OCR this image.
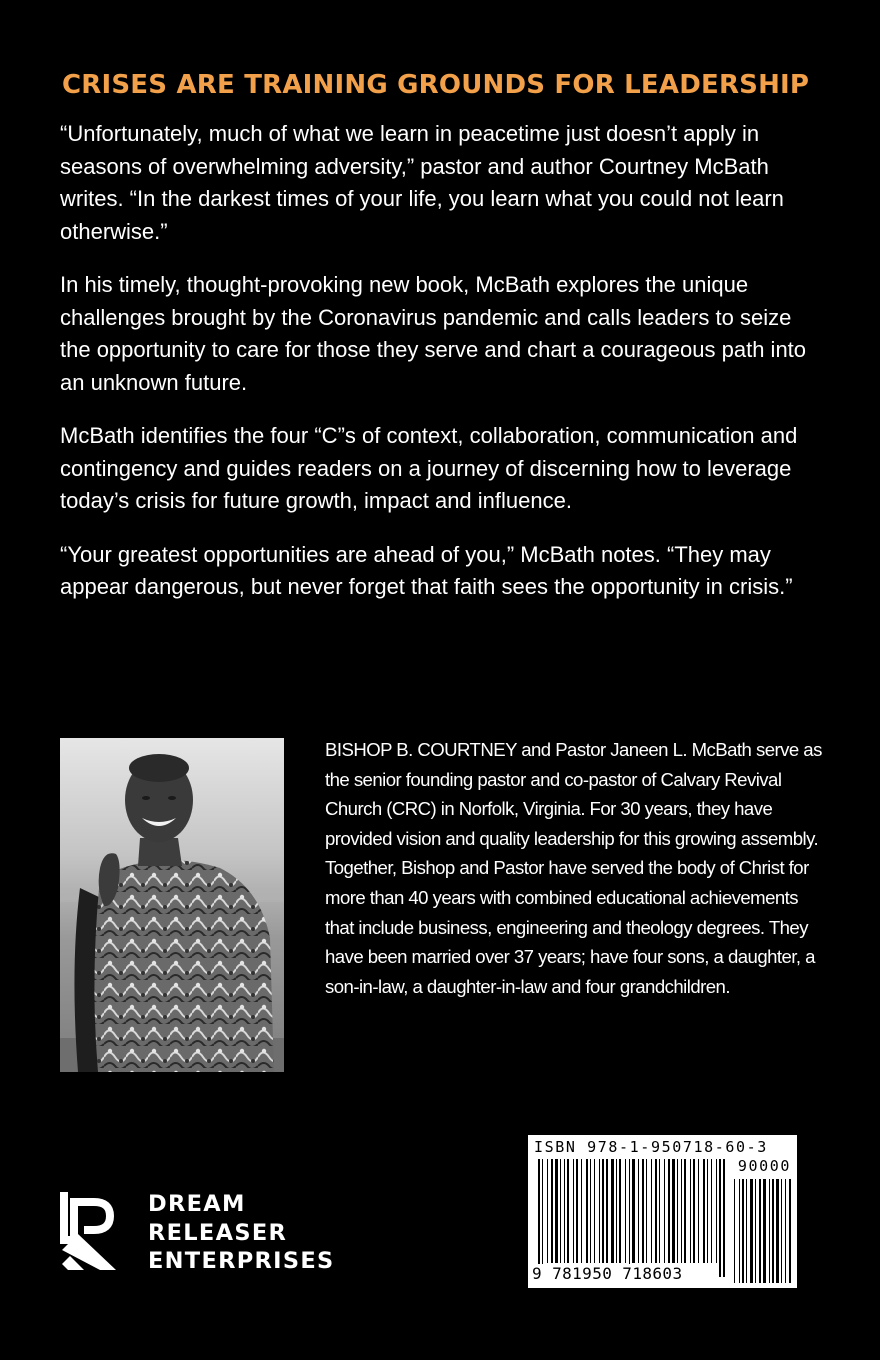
CRISES ARE TRAINING GROUNDS FOR LEADERSHIP

“Unfortunately, much of what we learn in peacetime just doesn’t apply in seasons of overwhelming adversity,” pastor and author Courtney McBath writes. “In the darkest times of your life, you learn what you could not learn otherwise.”

In his timely, thought-provoking new book, McBath explores the unique challenges brought by the Coronavirus pandemic and calls leaders to seize the opportunity to care for those they serve and chart a courageous path into an unknown future.

McBath identifies the four “C”s of context, collaboration, communication and contingency and guides readers on a journey of discerning how to leverage today’s crisis for future growth, impact and influence.

“Your greatest opportunities are ahead of you,” McBath notes. “They may appear dangerous, but never forget that faith sees the opportunity in crisis.”

BISHOP B. COURTNEY and Pastor Janeen L. McBath serve as the senior founding pastor and co-pastor of Calvary Revival Church (CRC) in Norfolk, Virginia. For 30 years, they have provided vision and quality leadership for this growing assembly. Together, Bishop and Pastor have served the body of Christ for more than 40 years with combined educational achievements that include business, engineering and theology degrees. They have been married over 37 years; have four sons, a daughter, a son-in-law, a daughter-in-law and four grandchildren.

DREAM
RELEASER
ENTERPRISES
ISBN 978-1-950718-60-3
90000
9 781950 718603
